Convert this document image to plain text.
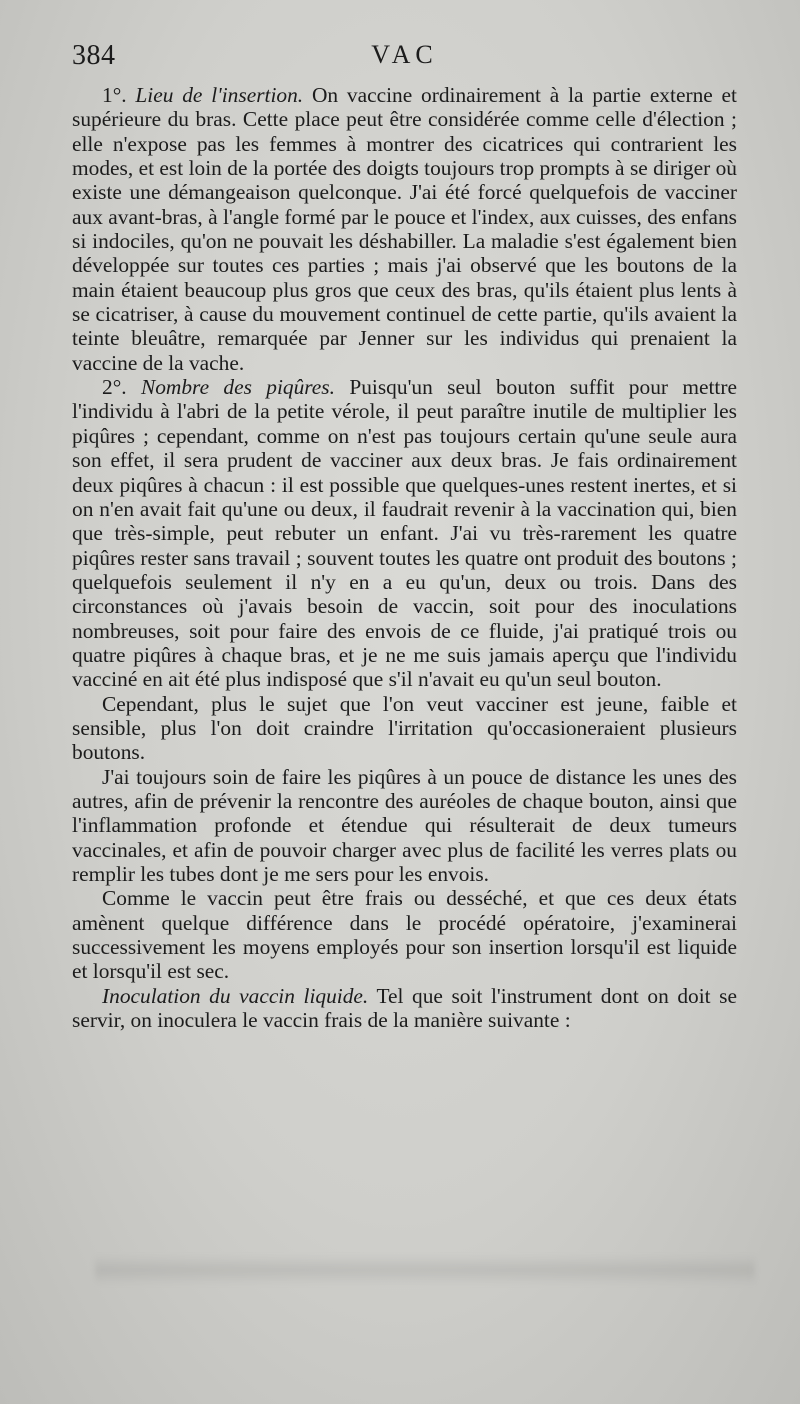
384	VAC

1°. Lieu de l'insertion. On vaccine ordinairement à la partie externe et supérieure du bras. Cette place peut être considérée comme celle d'élection ; elle n'expose pas les femmes à montrer des cicatrices qui contrarient les modes, et est loin de la portée des doigts toujours trop prompts à se diriger où existe une démangeaison quelconque. J'ai été forcé quelquefois de vacciner aux avant-bras, à l'angle formé par le pouce et l'index, aux cuisses, des enfans si indociles, qu'on ne pouvait les déshabiller. La maladie s'est également bien développée sur toutes ces parties ; mais j'ai observé que les boutons de la main étaient beaucoup plus gros que ceux des bras, qu'ils étaient plus lents à se cicatriser, à cause du mouvement continuel de cette partie, qu'ils avaient la teinte bleuâtre, remarquée par Jenner sur les individus qui prenaient la vaccine de la vache.

2°. Nombre des piqûres. Puisqu'un seul bouton suffit pour mettre l'individu à l'abri de la petite vérole, il peut paraître inutile de multiplier les piqûres ; cependant, comme on n'est pas toujours certain qu'une seule aura son effet, il sera prudent de vacciner aux deux bras. Je fais ordinairement deux piqûres à chacun : il est possible que quelques-unes restent inertes, et si on n'en avait fait qu'une ou deux, il faudrait revenir à la vaccination qui, bien que très-simple, peut rebuter un enfant. J'ai vu très-rarement les quatre piqûres rester sans travail ; souvent toutes les quatre ont produit des boutons ; quelquefois seulement il n'y en a eu qu'un, deux ou trois. Dans des circonstances où j'avais besoin de vaccin, soit pour des inoculations nombreuses, soit pour faire des envois de ce fluide, j'ai pratiqué trois ou quatre piqûres à chaque bras, et je ne me suis jamais aperçu que l'individu vacciné en ait été plus indisposé que s'il n'avait eu qu'un seul bouton.

Cependant, plus le sujet que l'on veut vacciner est jeune, faible et sensible, plus l'on doit craindre l'irritation qu'occasioneraient plusieurs boutons.

J'ai toujours soin de faire les piqûres à un pouce de distance les unes des autres, afin de prévenir la rencontre des auréoles de chaque bouton, ainsi que l'inflammation profonde et étendue qui résulterait de deux tumeurs vaccinales, et afin de pouvoir charger avec plus de facilité les verres plats ou remplir les tubes dont je me sers pour les envois.

Comme le vaccin peut être frais ou desséché, et que ces deux états amènent quelque différence dans le procédé opératoire, j'examinerai successivement les moyens employés pour son insertion lorsqu'il est liquide et lorsqu'il est sec.

Inoculation du vaccin liquide. Tel que soit l'instrument dont on doit se servir, on inoculera le vaccin frais de la manière suivante :
